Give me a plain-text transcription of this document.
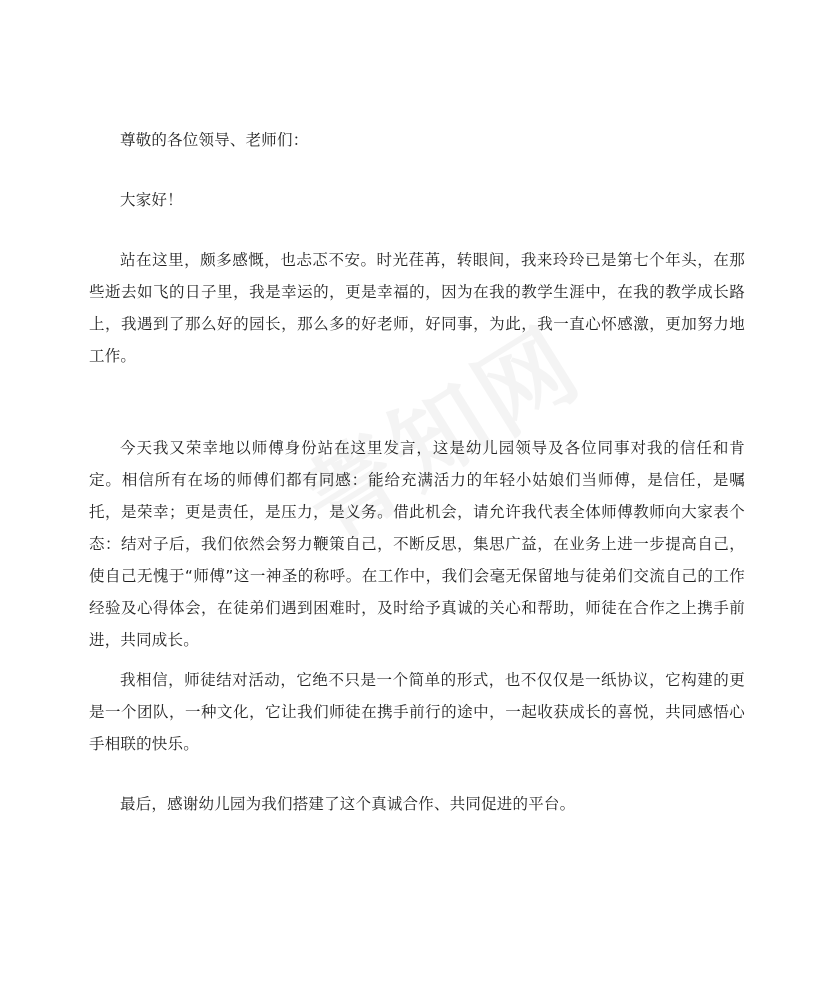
尊敬的各位领导、老师们：

大家好！

站在这里，颇多感慨，也忐忑不安。时光荏苒，转眼间，我来玲玲已是第七个年头，在那些逝去如飞的日子里，我是幸运的，更是幸福的，因为在我的教学生涯中，在我的教学成长路上，我遇到了那么好的园长，那么多的好老师，好同事，为此，我一直心怀感激，更加努力地工作。

今天我又荣幸地以师傅身份站在这里发言，这是幼儿园领导及各位同事对我的信任和肯定。相信所有在场的师傅们都有同感：能给充满活力的年轻小姑娘们当师傅，是信任，是嘱托，是荣幸；更是责任，是压力，是义务。借此机会，请允许我代表全体师傅教师向大家表个态：结对子后，我们依然会努力鞭策自己，不断反思，集思广益，在业务上进一步提高自己，使自己无愧于“师傅”这一神圣的称呼。在工作中，我们会毫无保留地与徒弟们交流自己的工作经验及心得体会，在徒弟们遇到困难时，及时给予真诚的关心和帮助，师徒在合作之上携手前进，共同成长。

我相信，师徒结对活动，它绝不只是一个简单的形式，也不仅仅是一纸协议，它构建的更是一个团队，一种文化，它让我们师徒在携手前行的途中，一起收获成长的喜悦，共同感悟心手相联的快乐。

最后，感谢幼儿园为我们搭建了这个真诚合作、共同促进的平台。
